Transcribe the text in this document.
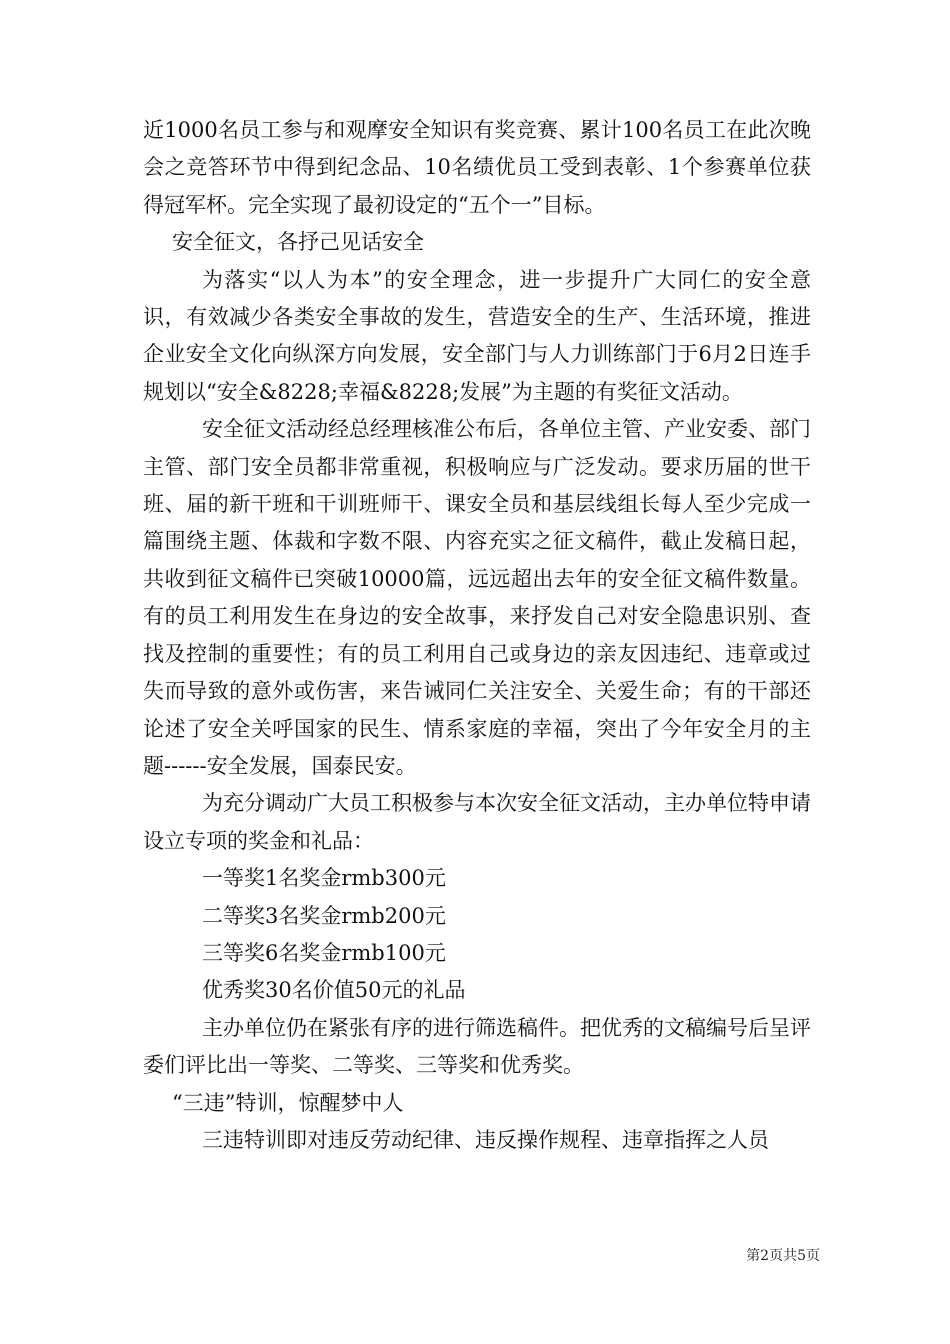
近1000名员工参与和观摩安全知识有奖竞赛、累计100名员工在此次晚会之竞答环节中得到纪念品、10名绩优员工受到表彰、1个参赛单位获得冠军杯。完全实现了最初设定的“五个一”目标。

安全征文，各抒己见话安全

为落实“以人为本”的安全理念，进一步提升广大同仁的安全意识，有效减少各类安全事故的发生，营造安全的生产、生活环境，推进企业安全文化向纵深方向发展，安全部门与人力训练部门于6月2日连手规划以“安全&8228;幸福&8228;发展”为主题的有奖征文活动。

安全征文活动经总经理核准公布后，各单位主管、产业安委、部门主管、部门安全员都非常重视，积极响应与广泛发动。要求历届的世干班、届的新干班和干训班师干、课安全员和基层线组长每人至少完成一篇围绕主题、体裁和字数不限、内容充实之征文稿件，截止发稿日起，共收到征文稿件已突破10000篇，远远超出去年的安全征文稿件数量。有的员工利用发生在身边的安全故事，来抒发自己对安全隐患识别、查找及控制的重要性；有的员工利用自己或身边的亲友因违纪、违章或过失而导致的意外或伤害，来告诫同仁关注安全、关爱生命；有的干部还论述了安全关呼国家的民生、情系家庭的幸福，突出了今年安全月的主题------安全发展，国泰民安。

为充分调动广大员工积极参与本次安全征文活动，主办单位特申请设立专项的奖金和礼品：

一等奖1名奖金rmb300元

二等奖3名奖金rmb200元

三等奖6名奖金rmb100元

优秀奖30名价值50元的礼品

主办单位仍在紧张有序的进行筛选稿件。把优秀的文稿编号后呈评委们评比出一等奖、二等奖、三等奖和优秀奖。

“三违”特训，惊醒梦中人

三违特训即对违反劳动纪律、违反操作规程、违章指挥之人员

第2页共5页
